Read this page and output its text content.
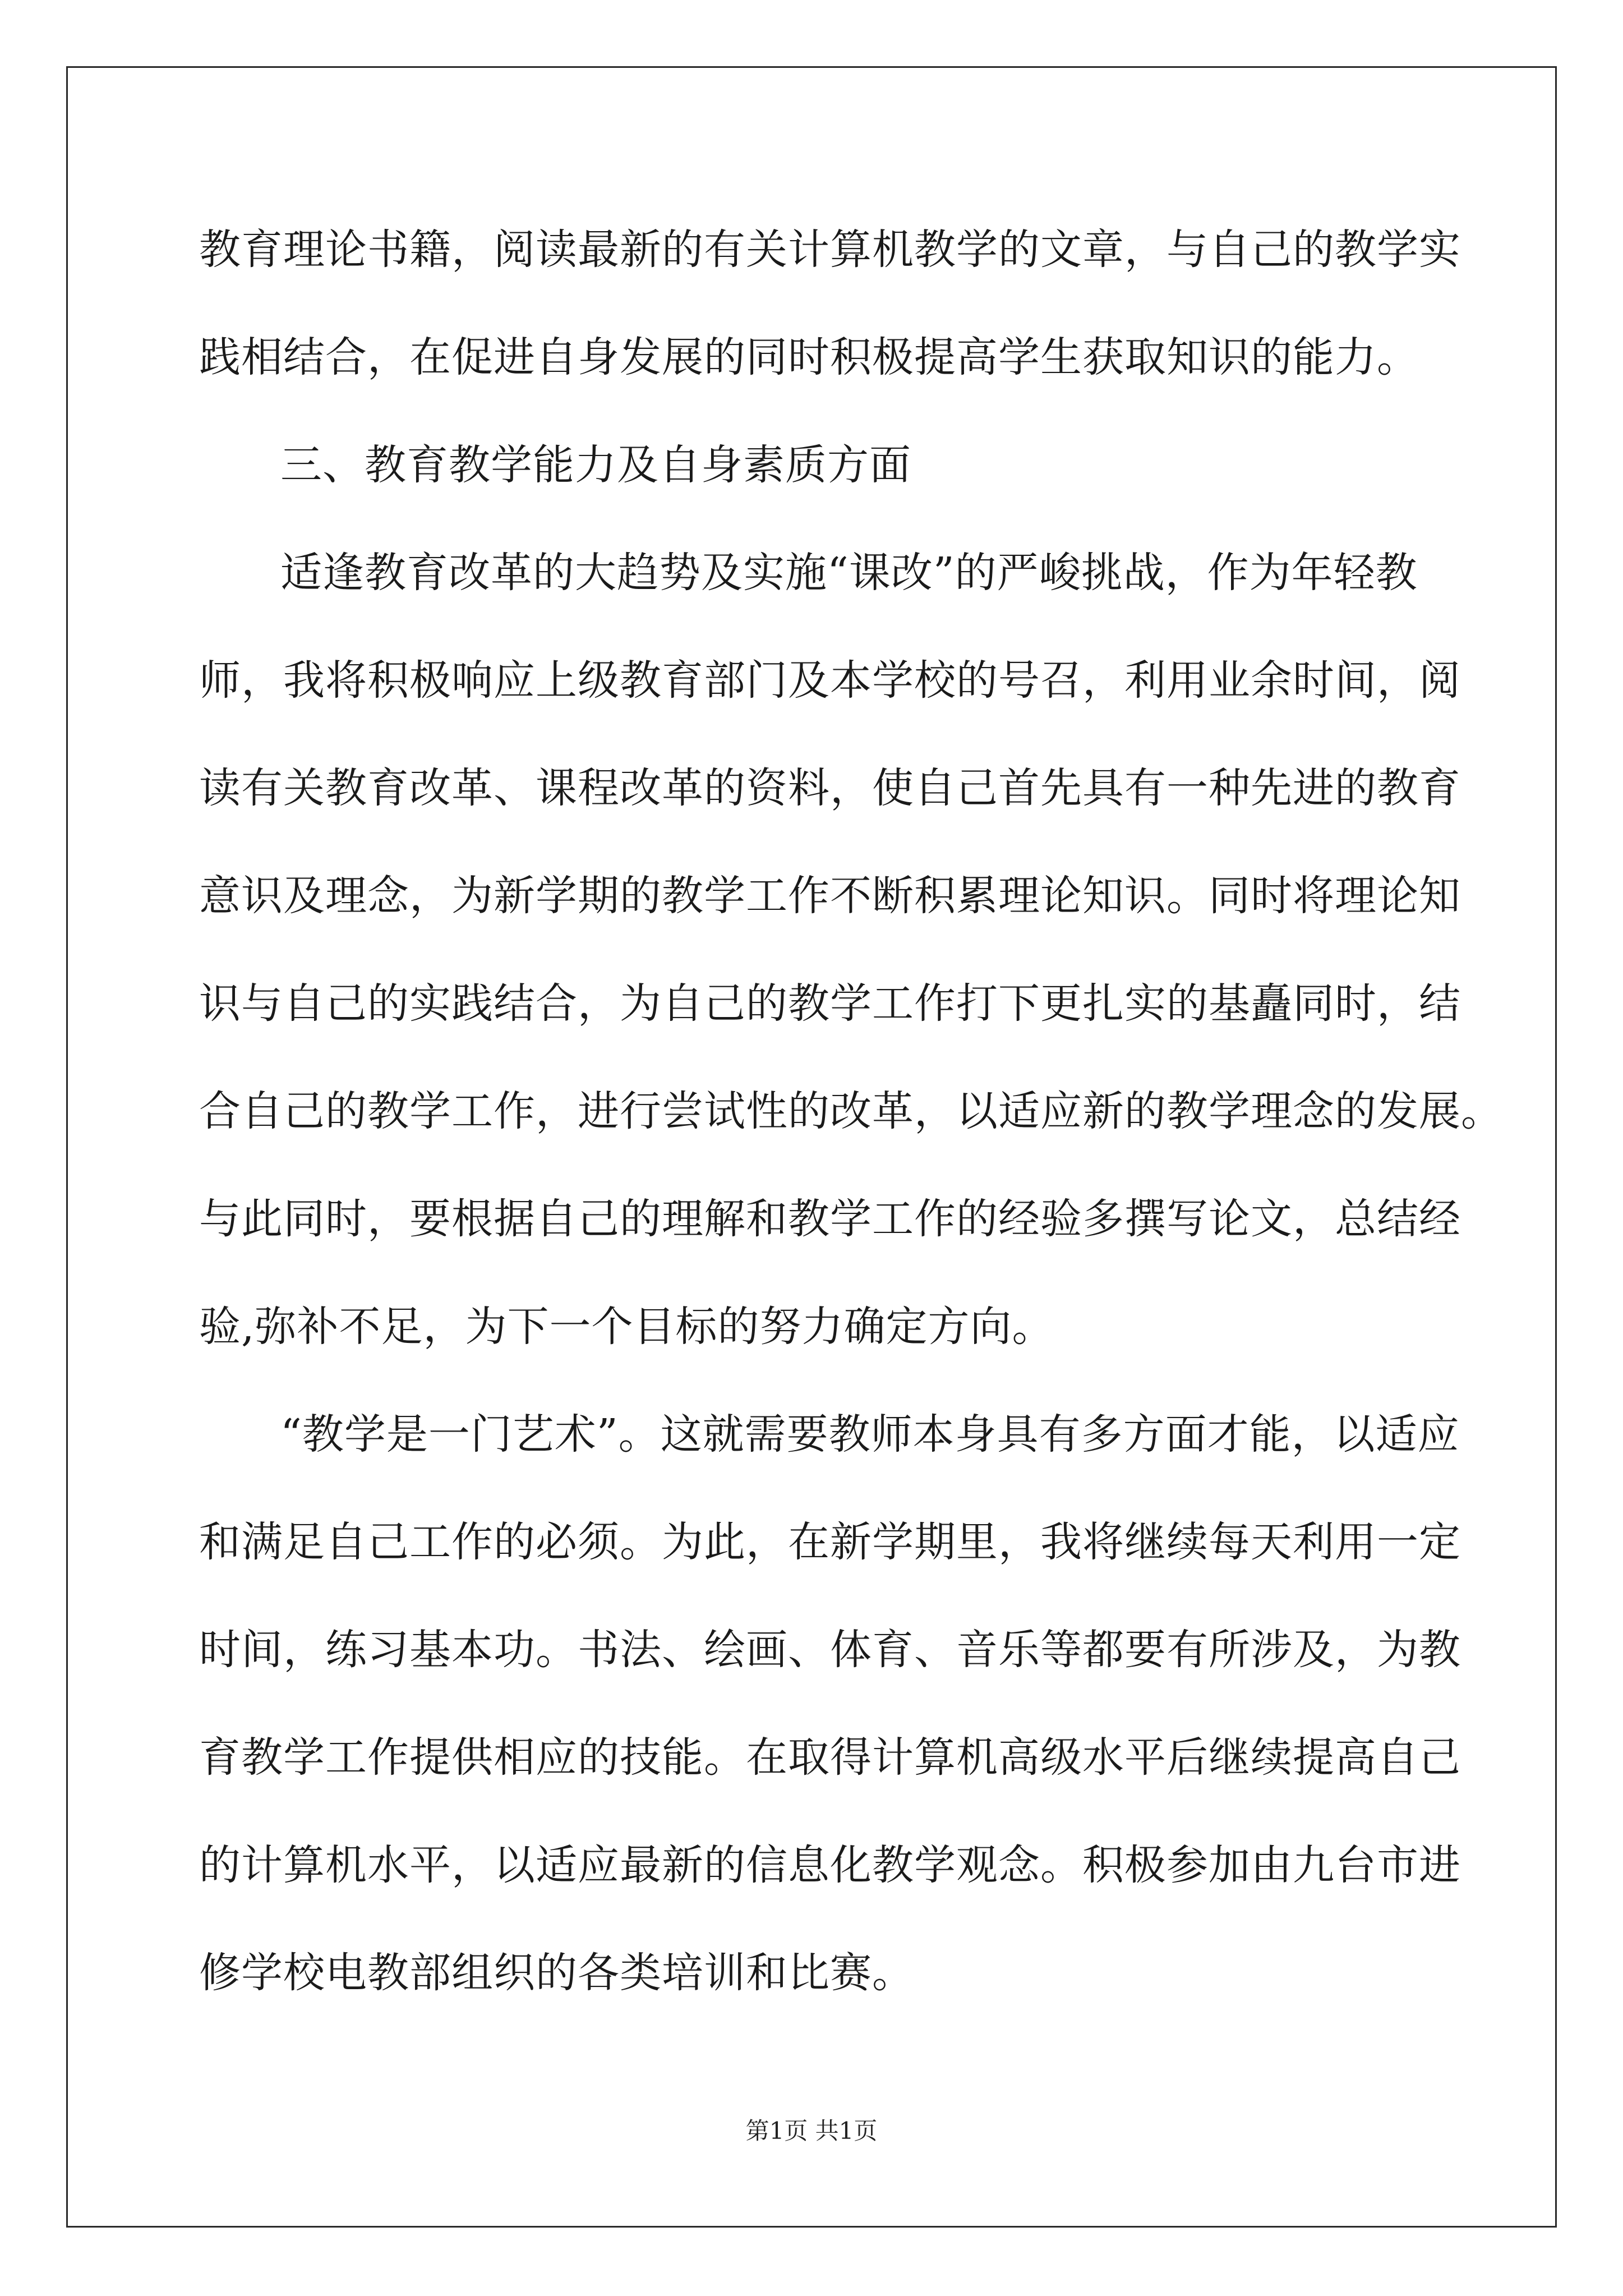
教育理论书籍，阅读最新的有关计算机教学的文章，与自己的教学实
践相结合，在促进自身发展的同时积极提高学生获取知识的能力。
三、教育教学能力及自身素质方面
适逢教育改革的大趋势及实施“课改”的严峻挑战，作为年轻教
师，我将积极响应上级教育部门及本学校的号召，利用业余时间，阅
读有关教育改革、课程改革的资料，使自己首先具有一种先进的教育
意识及理念，为新学期的教学工作不断积累理论知识。同时将理论知
识与自己的实践结合，为自己的教学工作打下更扎实的基矗同时，结
合自己的教学工作，进行尝试性的改革，以适应新的教学理念的发展。
与此同时，要根据自己的理解和教学工作的经验多撰写论文，总结经
验,弥补不足，为下一个目标的努力确定方向。
“教学是一门艺术”。这就需要教师本身具有多方面才能，以适应
和满足自己工作的必须。为此，在新学期里，我将继续每天利用一定
时间，练习基本功。书法、绘画、体育、音乐等都要有所涉及，为教
育教学工作提供相应的技能。在取得计算机高级水平后继续提高自己
的计算机水平，以适应最新的信息化教学观念。积极参加由九台市进
修学校电教部组织的各类培训和比赛。
第1页 共1页
